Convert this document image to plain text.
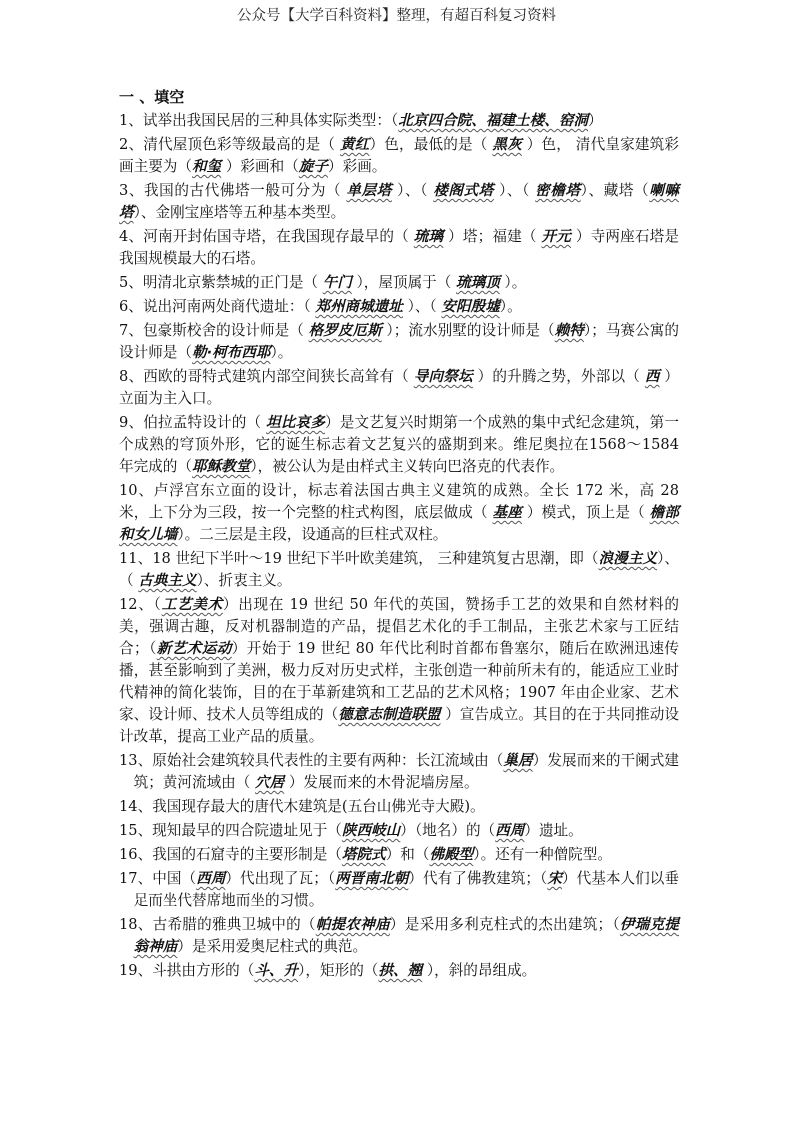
公众号【大学百科资料】整理，有超百科复习资料
一 、填空

1、试举出我国民居的三种具体实际类型：（北京四合院、福建土楼、窑洞）

2、清代屋顶色彩等级最高的是（ 黄红）色，最低的是（ 黑灰 ）色， 清代皇家建筑彩画主要为（和玺 ）彩画和（旋子）彩画。

3、我国的古代佛塔一般可分为（ 单层塔 ）、（ 楼阁式塔 ）、（ 密檐塔）、藏塔（喇嘛塔）、金刚宝座塔等五种基本类型。

4、河南开封佑国寺塔，在我国现存最早的（ 琉璃 ）塔；福建（ 开元 ）寺两座石塔是我国规模最大的石塔。

5、明清北京紫禁城的正门是（ 午门 ），屋顶属于（ 琉璃顶 ）。

6、说出河南两处商代遗址：（ 郑州商城遗址 ）、（ 安阳殷墟）。

7、包豪斯校舍的设计师是（ 格罗皮厄斯 ）；流水别墅的设计师是（赖特）；马赛公寓的设计师是（勒·柯布西耶）。

8、西欧的哥特式建筑内部空间狭长高耸有（ 导向祭坛 ）的升腾之势，外部以（ 西 ）立面为主入口。

9、伯拉孟特设计的（ 坦比哀多）是文艺复兴时期第一个成熟的集中式纪念建筑，第一个成熟的穹顶外形，它的诞生标志着文艺复兴的盛期到来。维尼奥拉在1568～1584 年完成的（耶稣教堂），被公认为是由样式主义转向巴洛克的代表作。

10、卢浮宫东立面的设计，标志着法国古典主义建筑的成熟。全长 172 米，高 28 米，上下分为三段，按一个完整的柱式构图，底层做成（ 基座 ）模式，顶上是（ 檐部和女儿墙）。二三层是主段，设通高的巨柱式双柱。

11、18 世纪下半叶～19 世纪下半叶欧美建筑， 三种建筑复古思潮，即（浪漫主义）、（ 古典主义）、折衷主义。

12、（工艺美术）出现在 19 世纪 50 年代的英国，赞扬手工艺的效果和自然材料的美，强调古趣，反对机器制造的产品，提倡艺术化的手工制品，主张艺术家与工匠结合；（新艺术运动）开始于 19 世纪 80 年代比利时首都布鲁塞尔，随后在欧洲迅速传播，甚至影响到了美洲，极力反对历史式样，主张创造一种前所未有的，能适应工业时代精神的简化装饰，目的在于革新建筑和工艺品的艺术风格；1907 年由企业家、艺术家、设计师、技术人员等组成的（德意志制造联盟 ）宣告成立。其目的在于共同推动设计改革，提高工业产品的质量。

13、原始社会建筑较具代表性的主要有两种：长江流域由（巢居）发展而来的干阑式建筑；黄河流域由（ 穴居 ）发展而来的木骨泥墙房屋。

14、我国现存最大的唐代木建筑是(五台山佛光寺大殿)。

15、现知最早的四合院遗址见于（陕西岐山）（地名）的（西周）遗址。

16、我国的石窟寺的主要形制是（塔院式）和（佛殿型）。还有一种僧院型。

17、中国（西周）代出现了瓦；（两晋南北朝）代有了佛教建筑；（宋）代基本人们以垂足而坐代替席地而坐的习惯。

18、古希腊的雅典卫城中的（帕提农神庙）是采用多利克柱式的杰出建筑；（伊瑞克提翁神庙）是采用爱奥尼柱式的典范。

19、斗拱由方形的（斗、升），矩形的（拱、翘 ），斜的昂组成。
